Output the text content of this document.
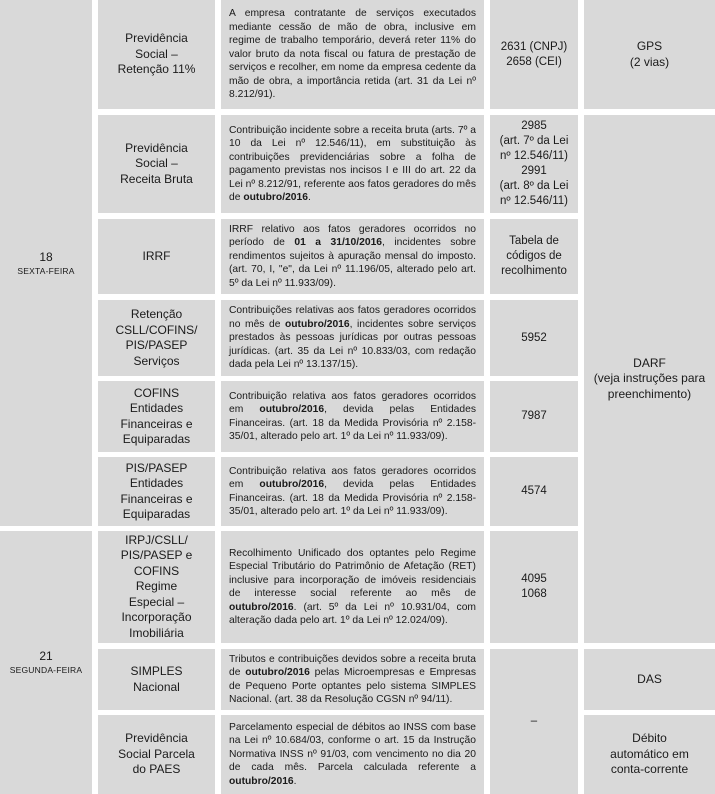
18
SEXTA-FEIRA
21
SEGUNDA-FEIRA
Previdência
Social –
Retenção 11%
Previdência
Social –
Receita Bruta
IRRF
Retenção
CSLL/COFINS/
PIS/PASEP
Serviços
COFINS
Entidades
Financeiras e
Equiparadas
PIS/PASEP
Entidades
Financeiras e
Equiparadas
IRPJ/CSLL/
PIS/PASEP e
COFINS
Regime
Especial –
Incorporação
Imobiliária
SIMPLES
Nacional
Previdência
Social Parcela
do PAES
A empresa contratante de serviços executados mediante cessão de mão de obra, inclusive em regime de trabalho temporário, deverá reter 11% do valor bruto da nota fiscal ou fatura de prestação de serviços e recolher, em nome da empresa cedente da mão de obra, a importância retida (art. 31 da Lei nº 8.212/91).
Contribuição incidente sobre a receita bruta (arts. 7º a 10 da Lei nº 12.546/11), em substituição às contribuições previdenciárias sobre a folha de pagamento previstas nos incisos I e III do art. 22 da Lei nº 8.212/91, referente aos fatos geradores do mês de outubro/2016.
IRRF relativo aos fatos geradores ocorridos no período de 01 a 31/10/2016, incidentes sobre rendimentos sujeitos à apuração mensal do imposto. (art. 70, I, "e", da Lei nº 11.196/05, alterado pelo art. 5º da Lei nº 11.933/09).
Contribuições relativas aos fatos geradores ocorridos no mês de outubro/2016, incidentes sobre serviços prestados às pessoas jurídicas por outras pessoas jurídicas. (art. 35 da Lei nº 10.833/03, com redação dada pela Lei nº 13.137/15).
Contribuição relativa aos fatos geradores ocorridos em outubro/2016, devida pelas Entidades Financeiras. (art. 18 da Medida Provisória nº 2.158-35/01, alterado pelo art. 1º da Lei nº 11.933/09).
Contribuição relativa aos fatos geradores ocorridos em outubro/2016, devida pelas Entidades Financeiras. (art. 18 da Medida Provisória nº 2.158-35/01, alterado pelo art. 1º da Lei nº 11.933/09).
Recolhimento Unificado dos optantes pelo Regime Especial Tributário do Patrimônio de Afetação (RET) inclusive para incorporação de imóveis residenciais de interesse social referente ao mês de outubro/2016. (art. 5º da Lei nº 10.931/04, com alteração dada pelo art. 1º da Lei nº 12.024/09).
Tributos e contribuições devidos sobre a receita bruta de outubro/2016 pelas Microempresas e Empresas de Pequeno Porte optantes pelo sistema SIMPLES Nacional. (art. 38 da Resolução CGSN nº 94/11).
Parcelamento especial de débitos ao INSS com base na Lei nº 10.684/03, conforme o art. 15 da Instrução Normativa INSS nº 91/03, com vencimento no dia 20 de cada mês. Parcela calculada referente a outubro/2016.
2631 (CNPJ)
2658 (CEI)
2985
(art. 7º da Lei
nº 12.546/11)
2991
(art. 8º da Lei
nº 12.546/11)
Tabela de
códigos de
recolhimento
5952
7987
4574
4095
1068
–
GPS
(2 vias)
DARF
(veja instruções para
preenchimento)
DAS
Débito
automático em
conta-corrente
